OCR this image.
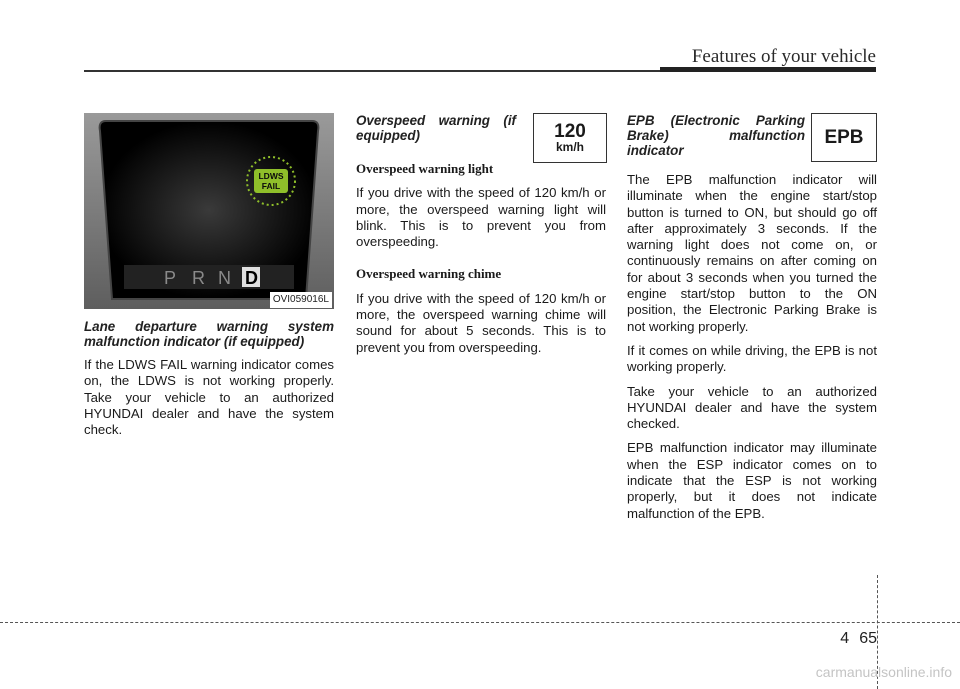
Features of your vehicle
LDWS
FAIL
P R N D
OVI059016L

Lane departure warning system malfunction indicator (if equipped)

If the LDWS FAIL warning indicator comes on, the LDWS is not working properly. Take your vehicle to an authorized HYUNDAI dealer and have the system check.

Overspeed warning (if equipped)

Overspeed warning light

If you drive with the speed of 120 km/h or more, the overspeed warning light will blink. This is to prevent you from overspeeding.

Overspeed warning chime

If you drive with the speed of 120 km/h or more, the overspeed warning chime will sound for about 5 seconds. This is to prevent you from overspeeding.

120
km/h

EPB (Electronic Parking Brake) malfunction indicator

The EPB malfunction indicator will illuminate when the engine start/stop button is turned to ON, but should go off after approximately 3 seconds. If the warning light does not come on, or continuously remains on after coming on for about 3 seconds when you turned the engine start/stop button to the ON position, the Electronic Parking Brake is not working properly.

If it comes on while driving, the EPB is not working properly.

Take your vehicle to an authorized HYUNDAI dealer and have the system checked.

EPB malfunction indicator may illuminate when the ESP indicator comes on to indicate that the ESP is not working properly, but it does not indicate malfunction of the EPB.

EPB
4 65
carmanualsonline.info
